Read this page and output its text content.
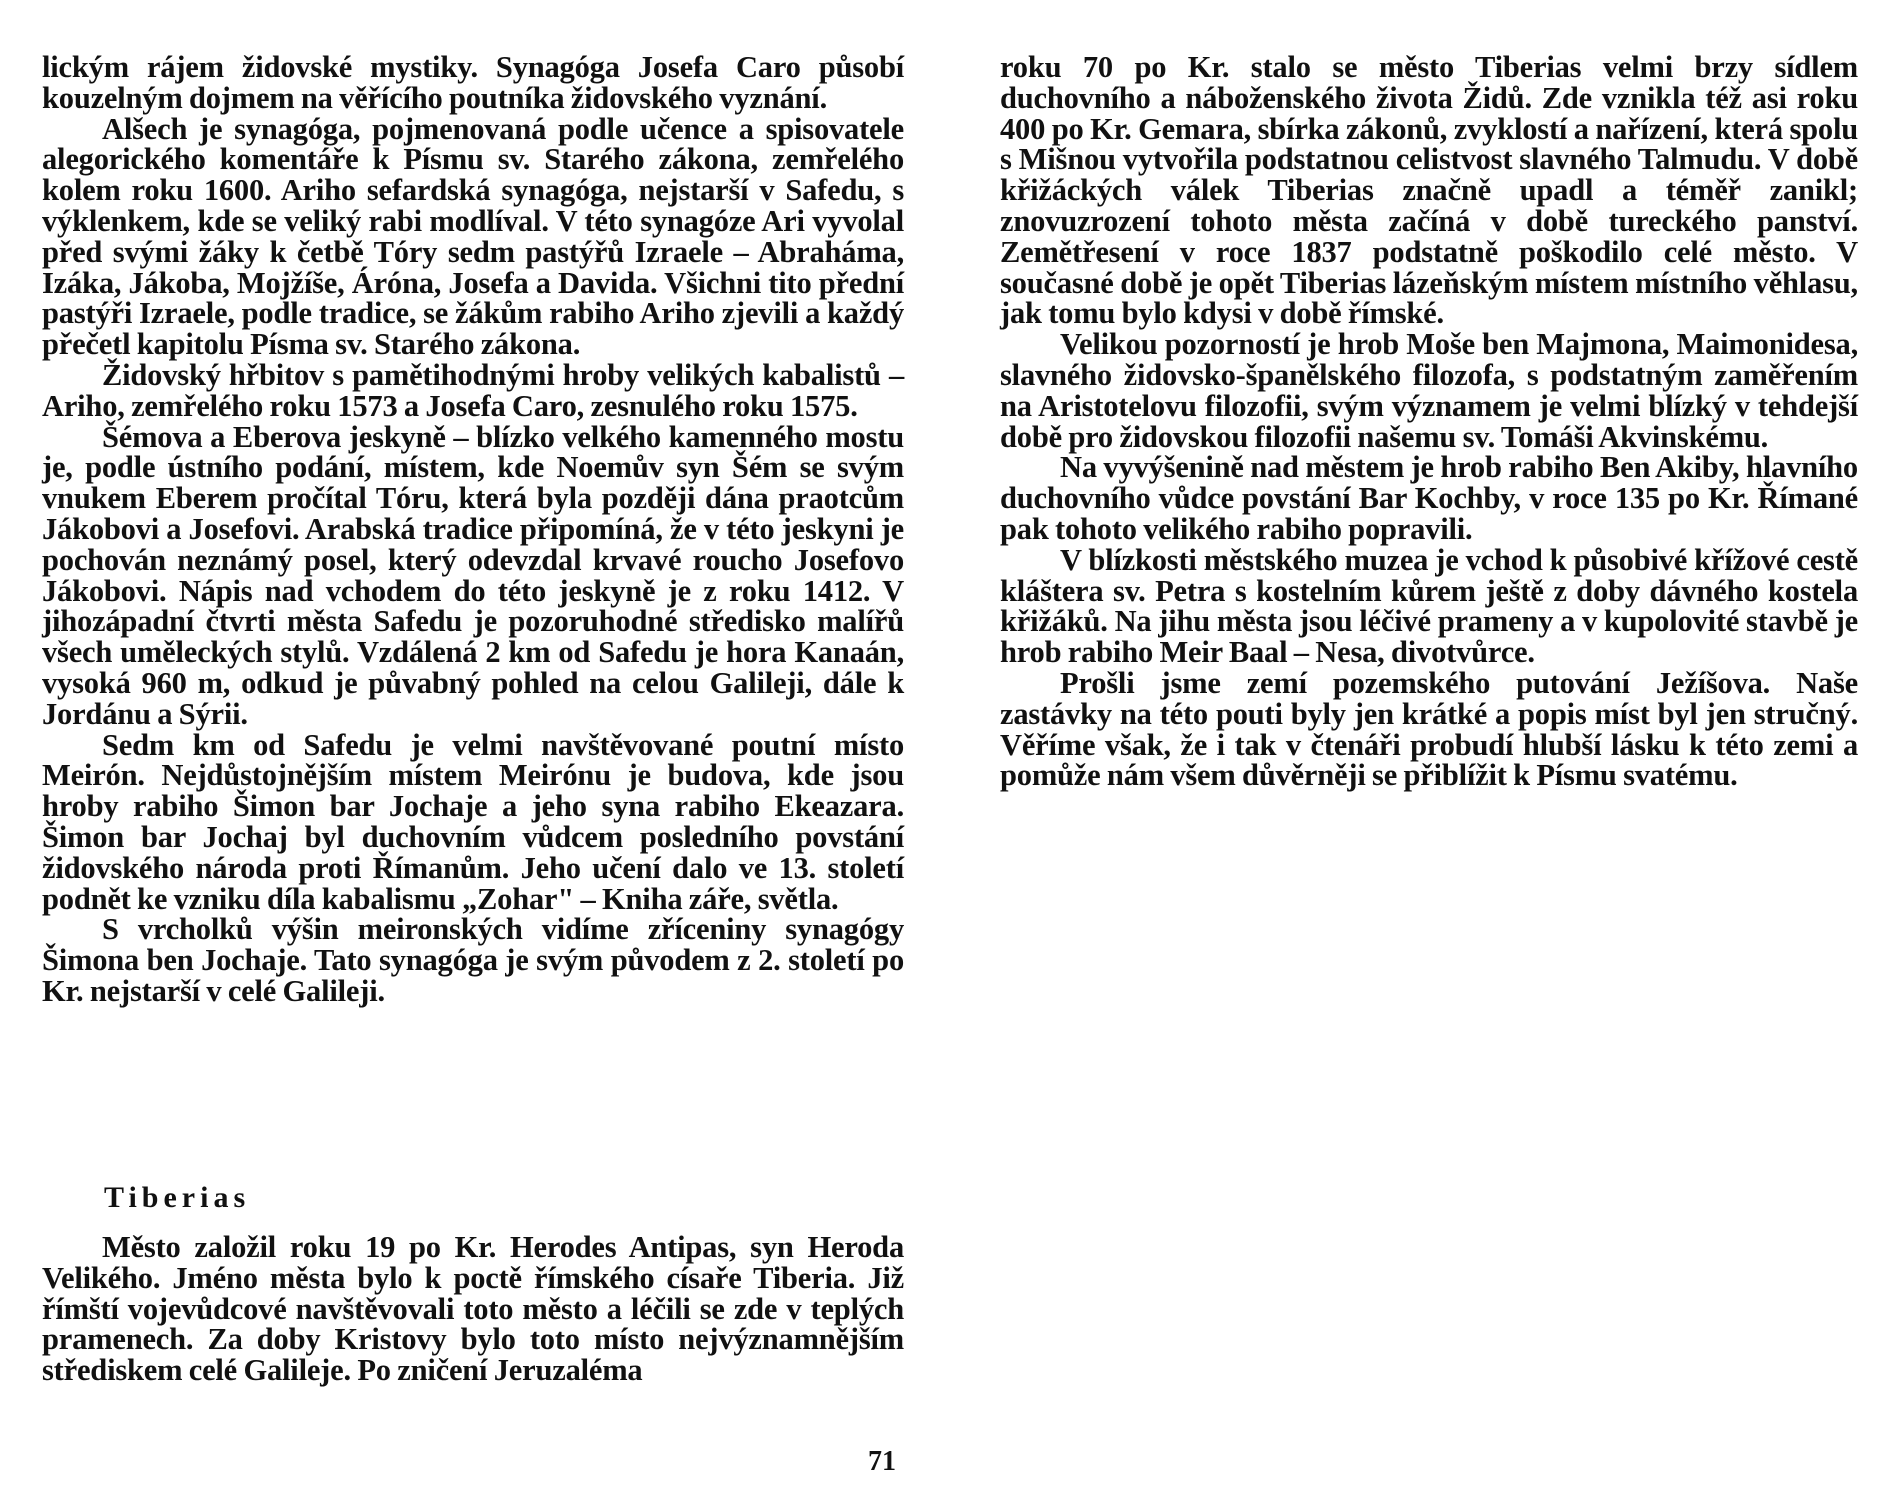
lickým rájem židovské mystiky. Synagóga Josefa Caro působí kouzelným dojmem na věřícího poutníka židovského vyznání.

Alšech je synagóga, pojmenovaná podle učence a spisovatele alegorického komentáře k Písmu sv. Starého zákona, zemřelého kolem roku 1600. Ariho sefardská synagóga, nejstarší v Safedu, s výklenkem, kde se veliký rabi modlíval. V této synagóze Ari vyvolal před svými žáky k četbě Tóry sedm pastýřů Izraele – Abraháma, Izáka, Jákoba, Mojžíše, Áróna, Josefa a Davida. Všichni tito přední pastýři Izraele, podle tradice, se žákům rabiho Ariho zjevili a každý přečetl kapitolu Písma sv. Starého zákona.

Židovský hřbitov s pamětihodnými hroby velikých kabalistů – Ariho, zemřelého roku 1573 a Josefa Caro, zesnulého roku 1575.

Šémova a Eberova jeskyně – blízko velkého kamenného mostu je, podle ústního podání, místem, kde Noemův syn Šém se svým vnukem Eberem pročítal Tóru, která byla později dána praotcům Jákobovi a Josefovi. Arabská tradice připomíná, že v této jeskyni je pochován neznámý posel, který odevzdal krvavé roucho Josefovo Jákobovi. Nápis nad vchodem do této jeskyně je z roku 1412. V jihozápadní čtvrti města Safedu je pozoruhodné středisko malířů všech uměleckých stylů. Vzdálená 2 km od Safedu je hora Kanaán, vysoká 960 m, odkud je půvabný pohled na celou Galileji, dále k Jordánu a Sýrii.

Sedm km od Safedu je velmi navštěvované poutní místo Meirón. Nejdůstojnějším místem Meirónu je budova, kde jsou hroby rabiho Šimon bar Jochaje a jeho syna rabiho Ekeazara. Šimon bar Jochaj byl duchovním vůdcem posledního povstání židovského národa proti Římanům. Jeho učení dalo ve 13. století podnět ke vzniku díla kabalismu „Zohar" – Kniha záře, světla.

S vrcholků výšin meironských vidíme zříceniny synagógy Šimona ben Jochaje. Tato synagóga je svým původem z 2. století po Kr. nejstarší v celé Galileji.

Tiberias

Město založil roku 19 po Kr. Herodes Antipas, syn Heroda Velikého. Jméno města bylo k poctě římského císaře Tiberia. Již římští vojevůdcové navštěvovali toto město a léčili se zde v teplých pramenech. Za doby Kristovy bylo toto místo nejvýznamnějším střediskem celé Galileje. Po zničení Jeruzaléma

71

roku 70 po Kr. stalo se město Tiberias velmi brzy sídlem duchovního a náboženského života Židů. Zde vznikla též asi roku 400 po Kr. Gemara, sbírka zákonů, zvyklostí a nařízení, která spolu s Mišnou vytvořila podstatnou celistvost slavného Talmudu. V době křižáckých válek Tiberias značně upadl a téměř zanikl; znovuzrození tohoto města začíná v době tureckého panství. Zemětřesení v roce 1837 podstatně poškodilo celé město. V současné době je opět Tiberias lázeňským místem místního věhlasu, jak tomu bylo kdysi v době římské.

Velikou pozorností je hrob Moše ben Majmona, Maimonidesa, slavného židovsko-španělského filozofa, s podstatným zaměřením na Aristotelovu filozofii, svým významem je velmi blízký v tehdejší době pro židovskou filozofii našemu sv. Tomáši Akvinskému.

Na vyvýšenině nad městem je hrob rabiho Ben Akiby, hlavního duchovního vůdce povstání Bar Kochby, v roce 135 po Kr. Římané pak tohoto velikého rabiho popravili.

V blízkosti městského muzea je vchod k působivé křížové cestě kláštera sv. Petra s kostelním kůrem ještě z doby dávného kostela křižáků. Na jihu města jsou léčivé prameny a v kupolovité stavbě je hrob rabiho Meir Baal – Nesa, divotvůrce.

Prošli jsme zemí pozemského putování Ježíšova. Naše zastávky na této pouti byly jen krátké a popis míst byl jen stručný. Věříme však, že i tak v čtenáři probudí hlubší lásku k této zemi a pomůže nám všem důvěrněji se přiblížit k Písmu svatému.
